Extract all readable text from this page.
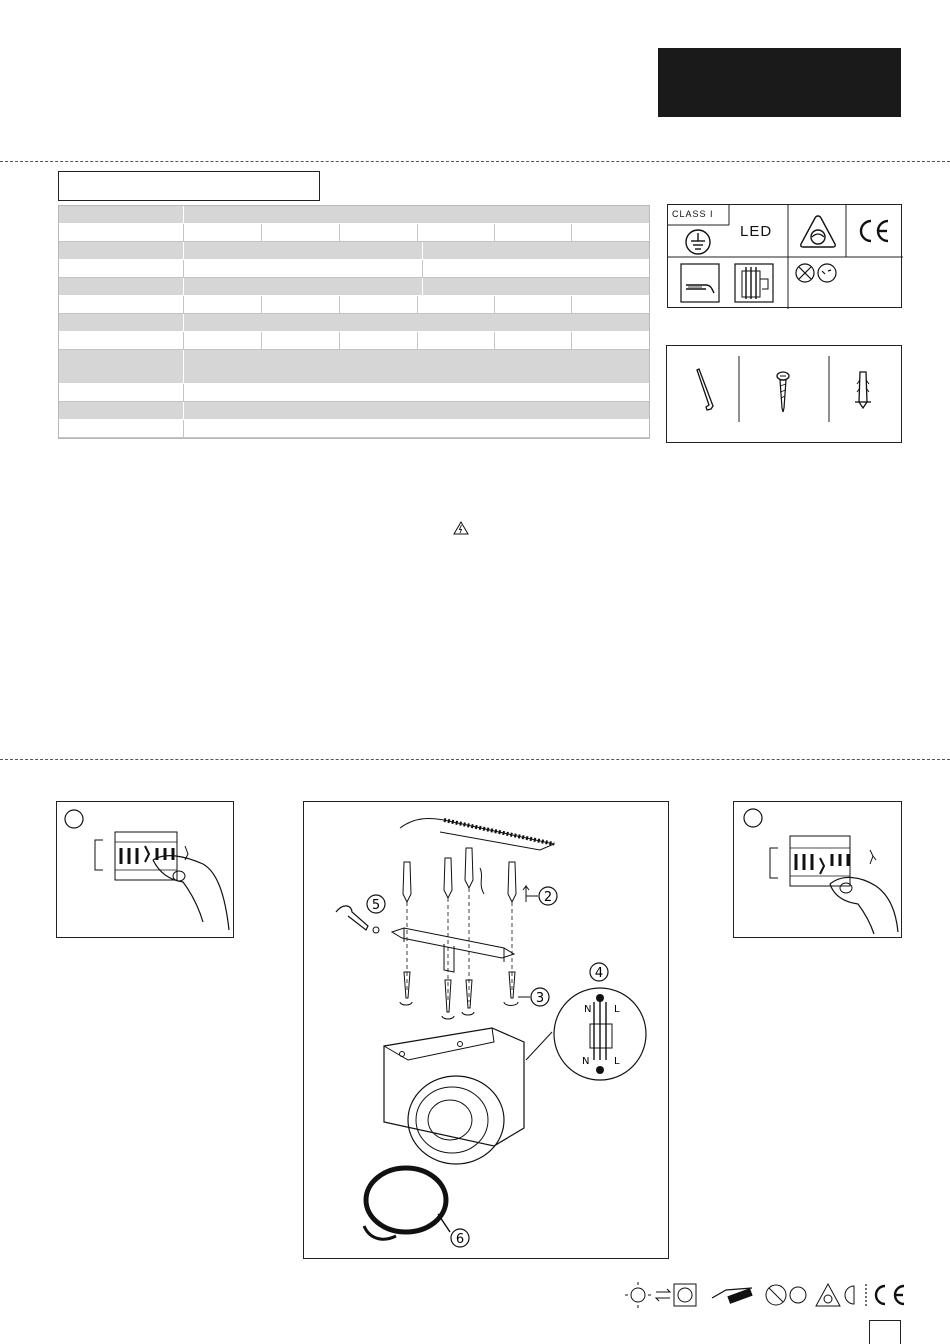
CLASS I
LED
5
2
3
4
N L
N L
6
